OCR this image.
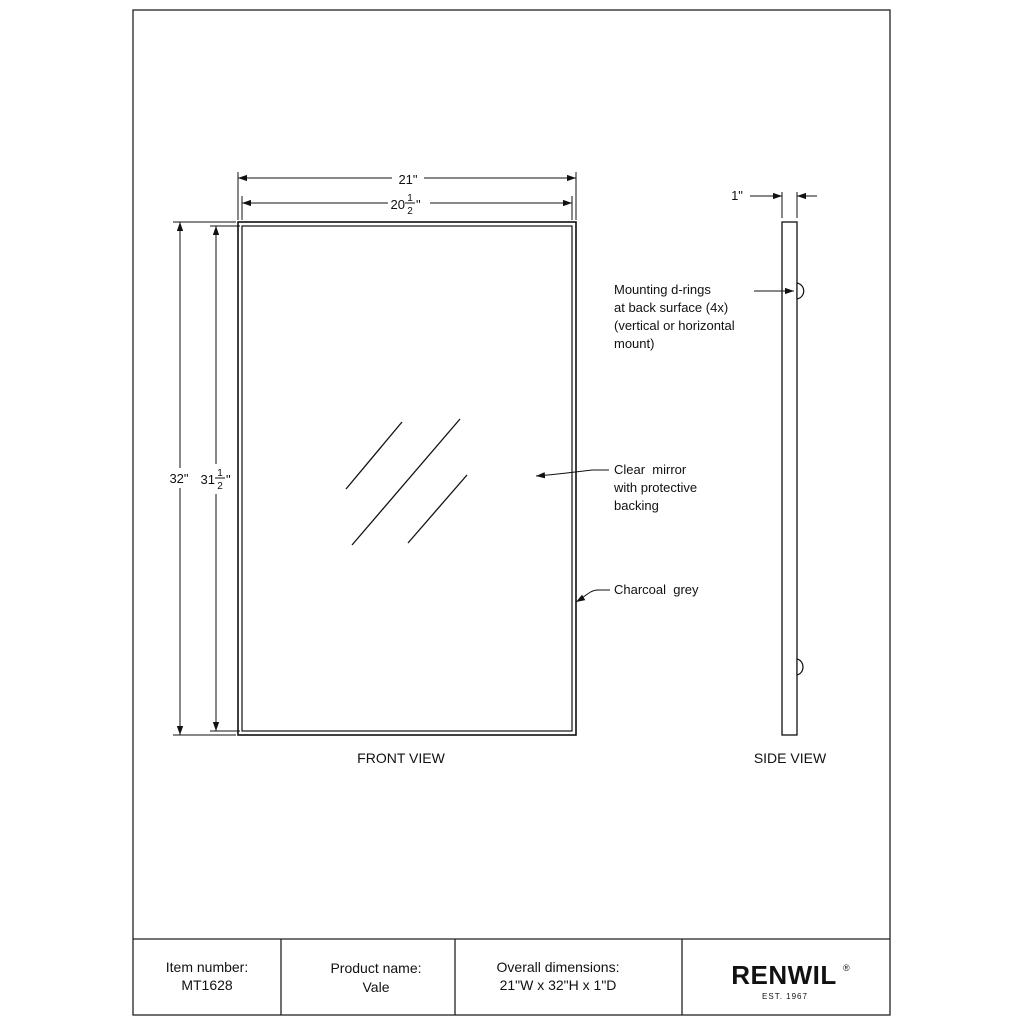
21"
20 1
2 "
32" 31 1
2 "
FRONT VIEW
Clear  mirror
with protective
backing
Charcoal  grey
1"
SIDE VIEW
Mounting d-rings
at back surface (4x)
(vertical or horizontal
mount)
Item number:
MT1628
Product name:
Vale
Overall dimensions:
21"W x 32"H x 1"D	RENWIL ®
EST. 1967
